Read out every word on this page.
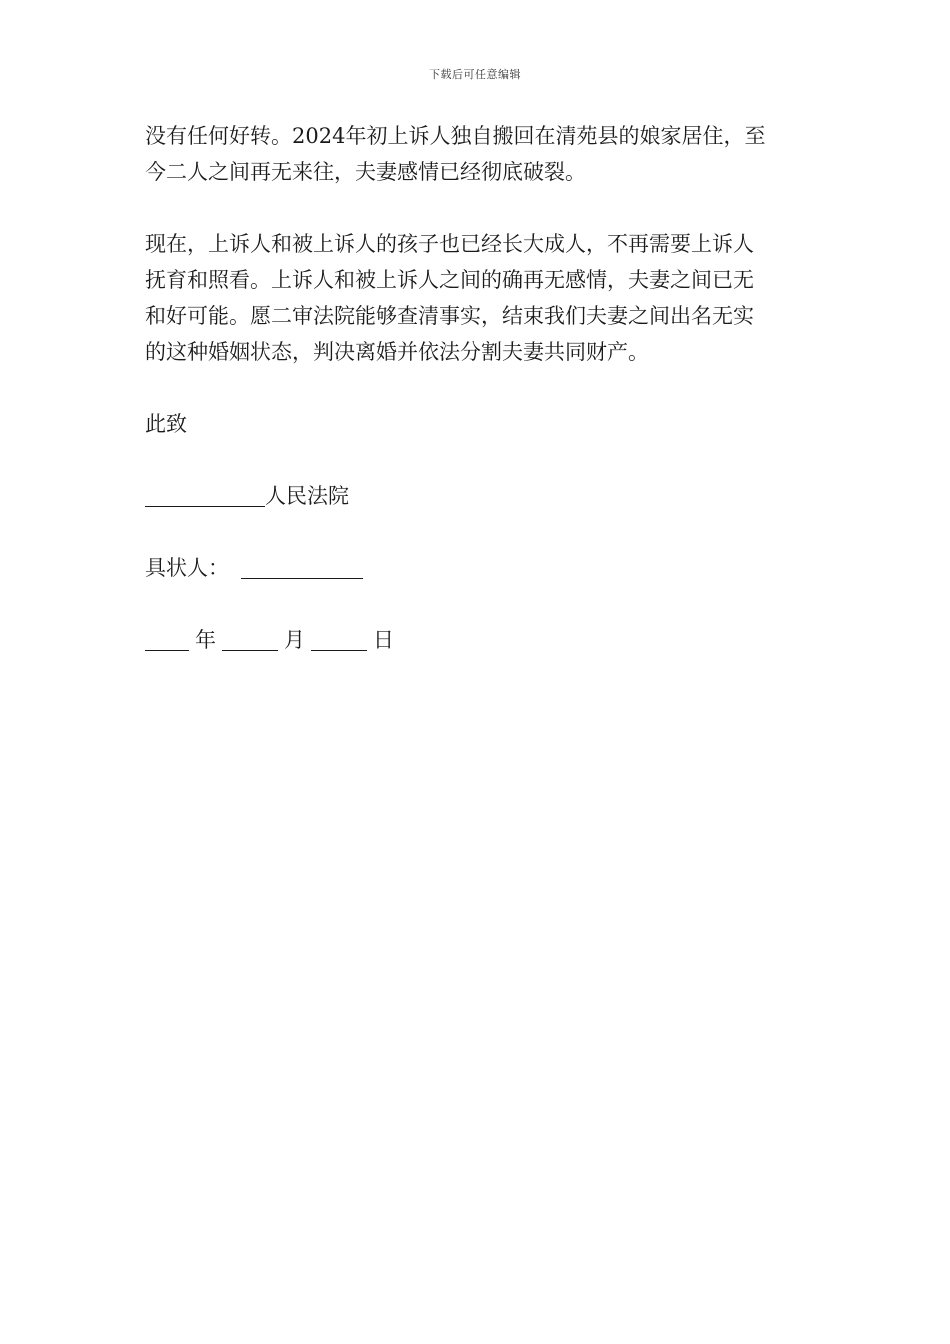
下载后可任意编辑

没有任何好转。2024年初上诉人独自搬回在清苑县的娘家居住，至
今二人之间再无来往，夫妻感情已经彻底破裂。

现在，上诉人和被上诉人的孩子也已经长大成人，不再需要上诉人
抚育和照看。上诉人和被上诉人之间的确再无感情，夫妻之间已无
和好可能。愿二审法院能够查清事实，结束我们夫妻之间出名无实
的这种婚姻状态，判决离婚并依法分割夫妻共同财产。

此致

人民法院

具状人：

年	月	日
